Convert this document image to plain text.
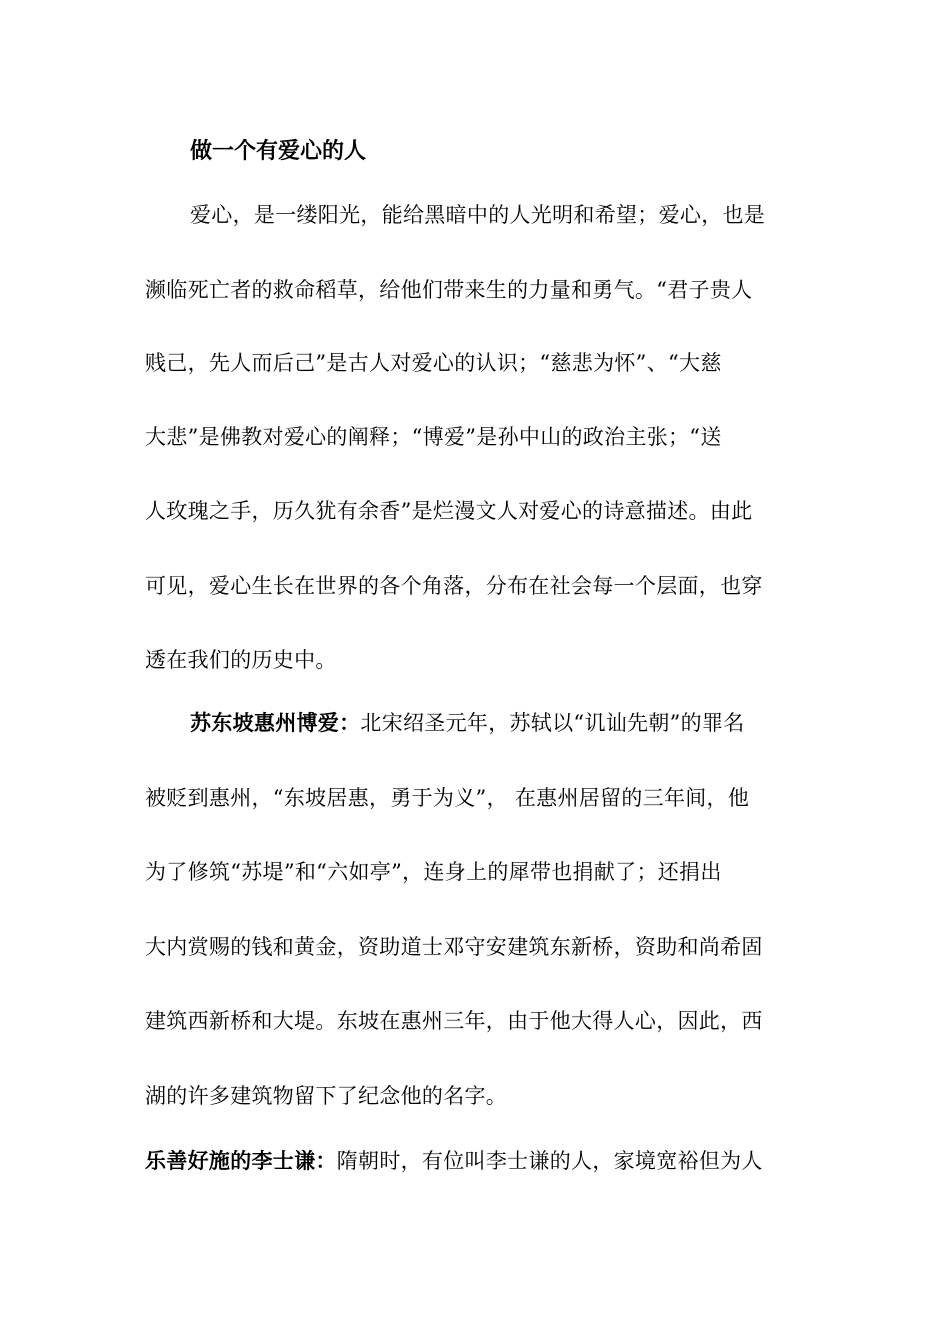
做一个有爱心的人
爱心，是一缕阳光，能给黑暗中的人光明和希望；爱心，也是
濒临死亡者的救命稻草，给他们带来生的力量和勇气。“君子贵人
贱己，先人而后己”是古人对爱心的认识；“慈悲为怀”、“大慈
大悲”是佛教对爱心的阐释；“博爱”是孙中山的政治主张；“送
人玫瑰之手，历久犹有余香”是烂漫文人对爱心的诗意描述。由此
可见，爱心生长在世界的各个角落，分布在社会每一个层面，也穿
透在我们的历史中。
苏东坡惠州博爱：北宋绍圣元年，苏轼以“讥讪先朝”的罪名
被贬到惠州，“东坡居惠，勇于为义”， 在惠州居留的三年间，他
为了修筑“苏堤”和“六如亭”，连身上的犀带也捐献了；还捐出
大内赏赐的钱和黄金，资助道士邓守安建筑东新桥，资助和尚希固
建筑西新桥和大堤。东坡在惠州三年，由于他大得人心，因此，西
湖的许多建筑物留下了纪念他的名字。
乐善好施的李士谦：隋朝时，有位叫李士谦的人，家境宽裕但为人
